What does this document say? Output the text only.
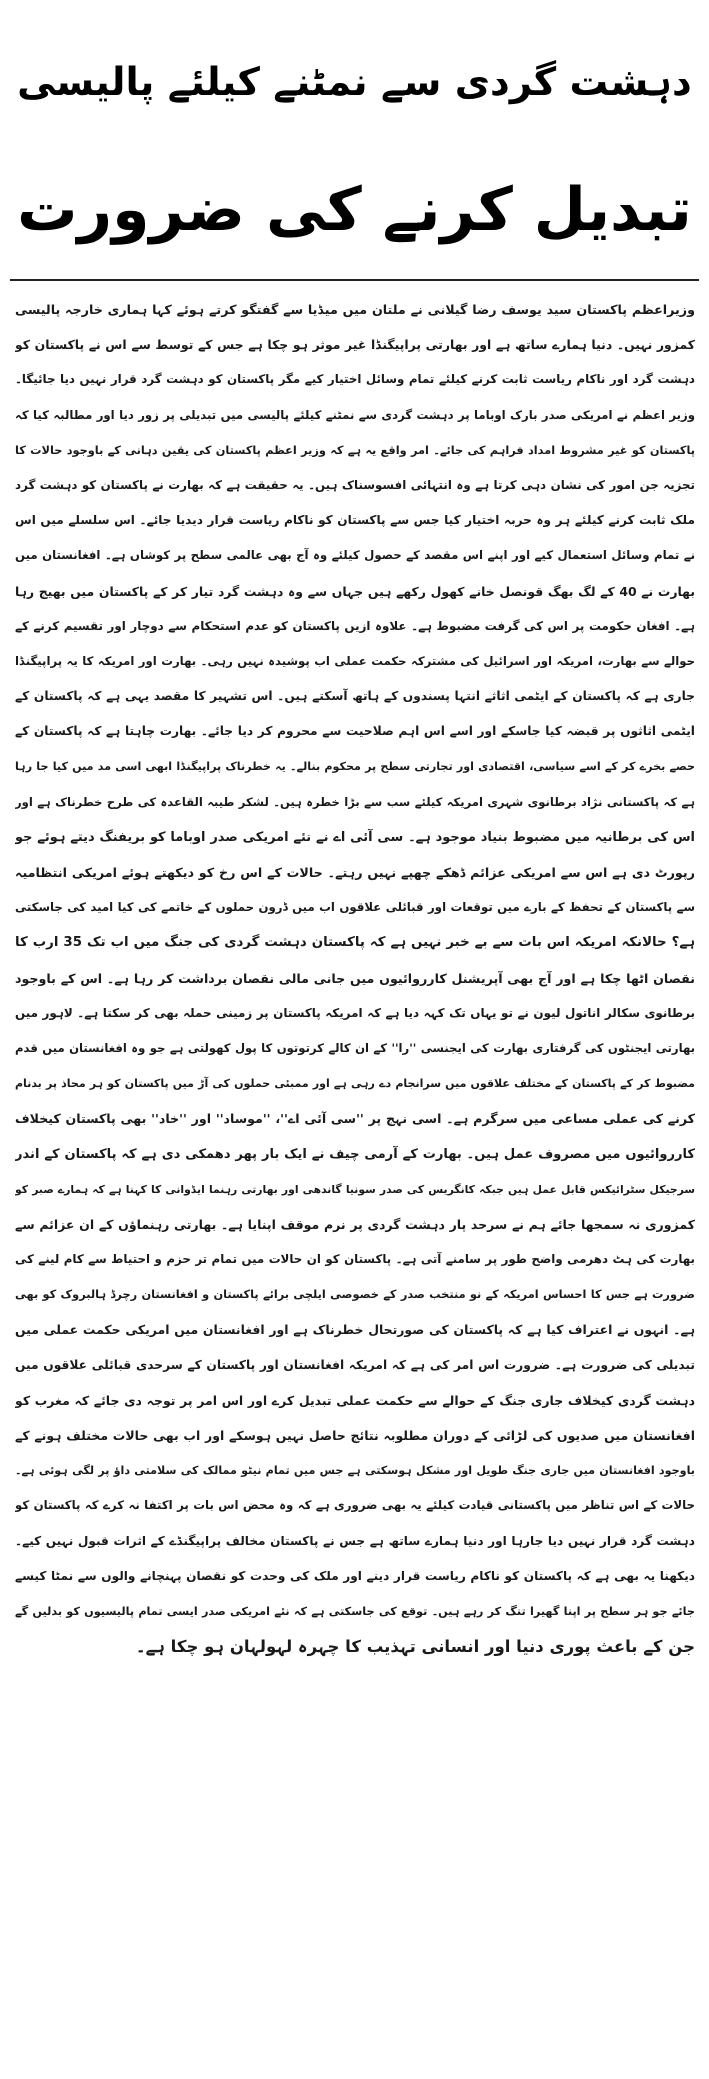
دہشت گردی سے نمٹنے کیلئے پالیسی
تبدیل کرنے کی ضرورت
وزیراعظم پاکستان سید یوسف رضا گیلانی نے ملتان میں میڈیا سے گفتگو کرتے ہوئے کہا ہماری خارجہ پالیسی
کمزور نہیں۔ دنیا ہمارے ساتھ ہے اور بھارتی پراپیگنڈا غیر موثر ہو چکا ہے جس کے توسط سے اس نے پاکستان کو
دہشت گرد اور ناکام ریاست ثابت کرنے کیلئے تمام وسائل اختیار کیے مگر پاکستان کو دہشت گرد قرار نہیں دیا جائیگا۔
وزیر اعظم نے امریکی صدر بارک اوباما پر دہشت گردی سے نمٹنے کیلئے پالیسی میں تبدیلی پر زور دیا اور مطالبہ کیا کہ
پاکستان کو غیر مشروط امداد فراہم کی جائے۔ امر واقع یہ ہے کہ وزیر اعظم پاکستان کی یقین دہانی کے باوجود حالات کا
تجزیہ جن امور کی نشان دہی کرتا ہے وہ انتہائی افسوسناک ہیں۔ یہ حقیقت ہے کہ بھارت نے پاکستان کو دہشت گرد
ملک ثابت کرنے کیلئے ہر وہ حربہ اختیار کیا جس سے پاکستان کو ناکام ریاست قرار دیدیا جائے۔ اس سلسلے میں اس
نے تمام وسائل استعمال کیے اور اپنے اس مقصد کے حصول کیلئے وہ آج بھی عالمی سطح پر کوشاں ہے۔ افغانستان میں
بھارت نے 40 کے لگ بھگ قونصل خانے کھول رکھے ہیں جہاں سے وہ دہشت گرد تیار کر کے پاکستان میں بھیج رہا
ہے۔ افغان حکومت پر اس کی گرفت مضبوط ہے۔ علاوہ ازیں پاکستان کو عدم استحکام سے دوچار اور تقسیم کرنے کے
حوالے سے بھارت، امریکہ اور اسرائیل کی مشترکہ حکمت عملی اب پوشیدہ نہیں رہی۔ بھارت اور امریکہ کا یہ پراپیگنڈا
جاری ہے کہ پاکستان کے ایٹمی اثاثے انتہا پسندوں کے ہاتھ آسکتے ہیں۔ اس تشہیر کا مقصد یہی ہے کہ پاکستان کے
ایٹمی اثاثوں پر قبضہ کیا جاسکے اور اسے اس اہم صلاحیت سے محروم کر دیا جائے۔ بھارت چاہتا ہے کہ پاکستان کے
حصے بخرے کر کے اسے سیاسی، اقتصادی اور تجارتی سطح پر محکوم بنالے۔ یہ خطرناک پراپیگنڈا ابھی اسی مد میں کیا جا رہا
ہے کہ پاکستانی نژاد برطانوی شہری امریکہ کیلئے سب سے بڑا خطرہ ہیں۔ لشکر طیبہ القاعدہ کی طرح خطرناک ہے اور
اس کی برطانیہ میں مضبوط بنیاد موجود ہے۔ سی آئی اے نے نئے امریکی صدر اوباما کو بریفنگ دیتے ہوئے جو
رپورٹ دی ہے اس سے امریکی عزائم ڈھکے چھپے نہیں رہتے۔ حالات کے اس رخ کو دیکھتے ہوئے امریکی انتظامیہ
سے پاکستان کے تحفظ کے بارے میں توقعات اور قبائلی علاقوں اب میں ڈرون حملوں کے خاتمے کی کیا امید کی جاسکتی
ہے؟ حالانکہ امریکہ اس بات سے بے خبر نہیں ہے کہ پاکستان دہشت گردی کی جنگ میں اب تک 35 ارب کا
نقصان اٹھا چکا ہے اور آج بھی آپریشنل کارروائیوں میں جانی مالی نقصان برداشت کر رہا ہے۔ اس کے باوجود
برطانوی سکالر اناتول لیون نے تو یہاں تک کہہ دیا ہے کہ امریکہ پاکستان پر زمینی حملہ بھی کر سکتا ہے۔ لاہور میں
بھارتی ایجنٹوں کی گرفتاری بھارت کی ایجنسی ''را'' کے ان کالے کرتوتوں کا پول کھولتی ہے جو وہ افغانستان میں قدم
مضبوط کر کے پاکستان کے مختلف علاقوں میں سرانجام دے رہی ہے اور ممبئی حملوں کی آڑ میں پاکستان کو ہر محاذ پر بدنام
کرنے کی عملی مساعی میں سرگرم ہے۔ اسی نہج پر ''سی آئی اے''، ''موساد'' اور ''خاد'' بھی پاکستان کیخلاف
کارروائیوں میں مصروف عمل ہیں۔ بھارت کے آرمی چیف نے ایک بار پھر دھمکی دی ہے کہ پاکستان کے اندر
سرجیکل سٹرائیکس قابل عمل ہیں جبکہ کانگریس کی صدر سونیا گاندھی اور بھارتی رہنما ایڈوانی کا کہنا ہے کہ ہمارے صبر کو
کمزوری نہ سمجھا جائے ہم نے سرحد پار دہشت گردی پر نرم موقف اپنایا ہے۔ بھارتی رہنماؤں کے ان عزائم سے
بھارت کی ہٹ دھرمی واضح طور پر سامنے آتی ہے۔ پاکستان کو ان حالات میں تمام تر حزم و احتیاط سے کام لینے کی
ضرورت ہے جس کا احساس امریکہ کے نو منتخب صدر کے خصوصی ایلچی برائے پاکستان و افغانستان رچرڈ ہالبروک کو بھی
ہے۔ انہوں نے اعتراف کیا ہے کہ پاکستان کی صورتحال خطرناک ہے اور افغانستان میں امریکی حکمت عملی میں
تبدیلی کی ضرورت ہے۔ ضرورت اس امر کی ہے کہ امریکہ افغانستان اور پاکستان کے سرحدی قبائلی علاقوں میں
دہشت گردی کیخلاف جاری جنگ کے حوالے سے حکمت عملی تبدیل کرے اور اس امر پر توجہ دی جائے کہ مغرب کو
افغانستان میں صدیوں کی لڑائی کے دوران مطلوبہ نتائج حاصل نہیں ہوسکے اور اب بھی حالات مختلف ہونے کے
باوجود افغانستان میں جاری جنگ طویل اور مشکل ہوسکتی ہے جس میں تمام نیٹو ممالک کی سلامتی داؤ پر لگی ہوئی ہے۔
حالات کے اس تناظر میں پاکستانی قیادت کیلئے یہ بھی ضروری ہے کہ وہ محض اس بات پر اکتفا نہ کرے کہ پاکستان کو
دہشت گرد قرار نہیں دیا جارہا اور دنیا ہمارے ساتھ ہے جس نے پاکستان مخالف پراپیگنڈے کے اثرات قبول نہیں کیے۔
دیکھنا یہ بھی ہے کہ پاکستان کو ناکام ریاست قرار دینے اور ملک کی وحدت کو نقصان پہنچانے والوں سے نمٹا کیسے
جائے جو ہر سطح پر اپنا گھیرا تنگ کر رہے ہیں۔ توقع کی جاسکتی ہے کہ نئے امریکی صدر ایسی تمام پالیسیوں کو بدلیں گے
جن کے باعث پوری دنیا اور انسانی تہذیب کا چہرہ لہولہان ہو چکا ہے۔
